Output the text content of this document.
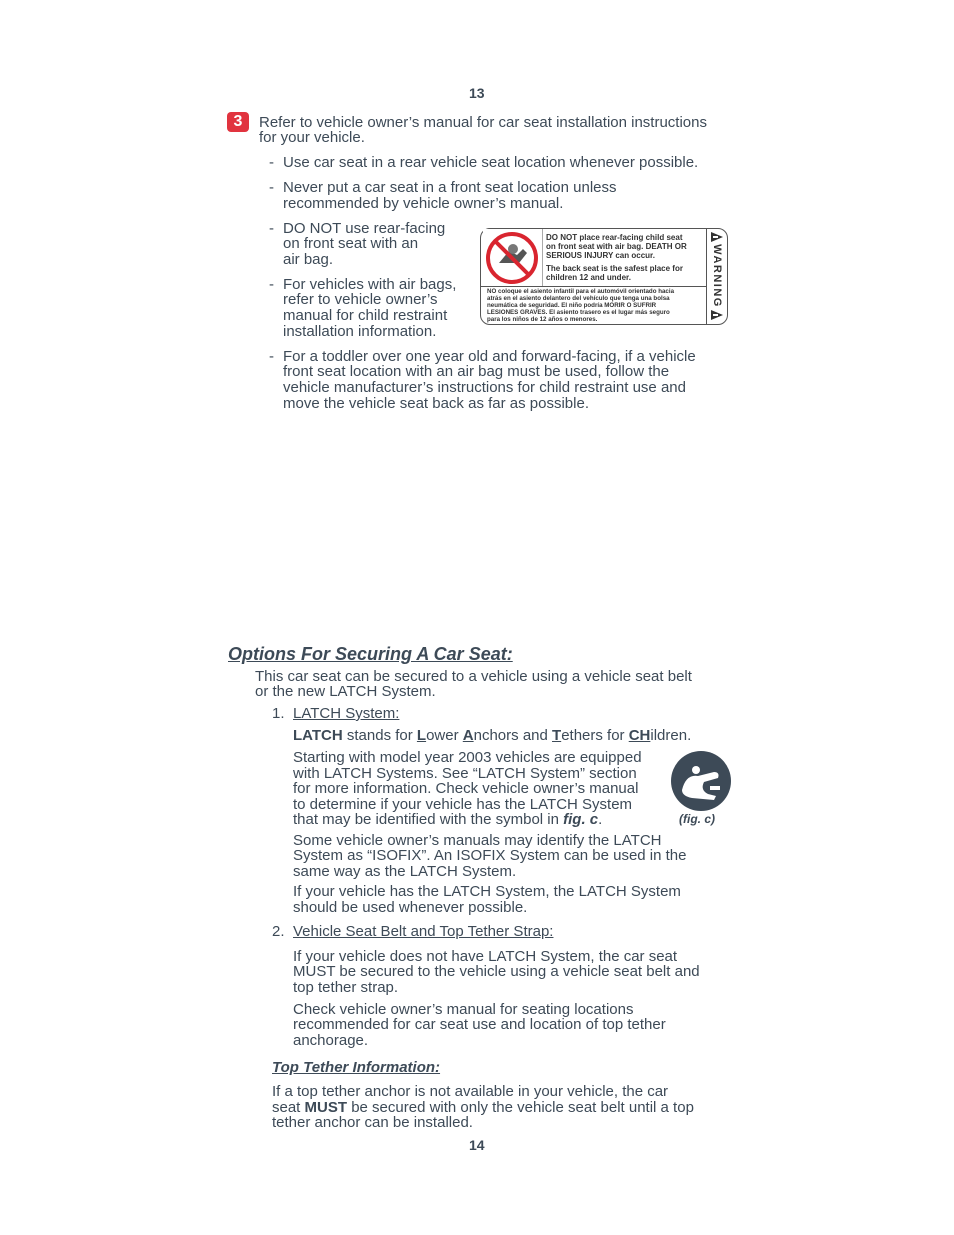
13
3	Refer to vehicle owner’s manual for car seat installation instructions
for your vehicle.
- Use car seat in a rear vehicle seat location whenever possible.
- Never put a car seat in a front seat location unless
recommended by vehicle owner’s manual.
- DO NOT use rear-facing
on front seat with an
air bag.
- For vehicles with air bags,
refer to vehicle owner’s
manual for child restraint
installation information.
- For a toddler over one year old and forward-facing, if a vehicle
front seat location with an air bag must be used, follow the
vehicle manufacturer’s instructions for child restraint use and
move the vehicle seat back as far as possible.
DO NOT place rear-facing child seat
on front seat with air bag. DEATH OR
SERIOUS INJURY can occur.
The back seat is the safest place for
children 12 and under.
NO coloque el asiento infantil para el automóvil orientado hacia
atrás en el asiento delantero del vehículo que tenga una bolsa
neumática de seguridad. El niño podría MORIR O SUFRIR
LESIONES GRAVES. El asiento trasero es el lugar más seguro
para los niños de 12 años o menores.
WARNING
Options For Securing A Car Seat:
This car seat can be secured to a vehicle using a vehicle seat belt
or the new LATCH System.
1. LATCH System:
LATCH stands for Lower Anchors and Tethers for CHildren.
Starting with model year 2003 vehicles are equipped
with LATCH Systems. See “LATCH System” section
for more information. Check vehicle owner’s manual
to determine if your vehicle has the LATCH System
that may be identified with the symbol in fig. c.	(fig. c)
Some vehicle owner’s manuals may identify the LATCH
System as “ISOFIX”. An ISOFIX System can be used in the
same way as the LATCH System.
If your vehicle has the LATCH System, the LATCH System
should be used whenever possible.
2. Vehicle Seat Belt and Top Tether Strap:
If your vehicle does not have LATCH System, the car seat
MUST be secured to the vehicle using a vehicle seat belt and
top tether strap.
Check vehicle owner’s manual for seating locations
recommended for car seat use and location of top tether
anchorage.
Top Tether Information:
If a top tether anchor is not available in your vehicle, the car
seat MUST be secured with only the vehicle seat belt until a top
tether anchor can be installed.
14
